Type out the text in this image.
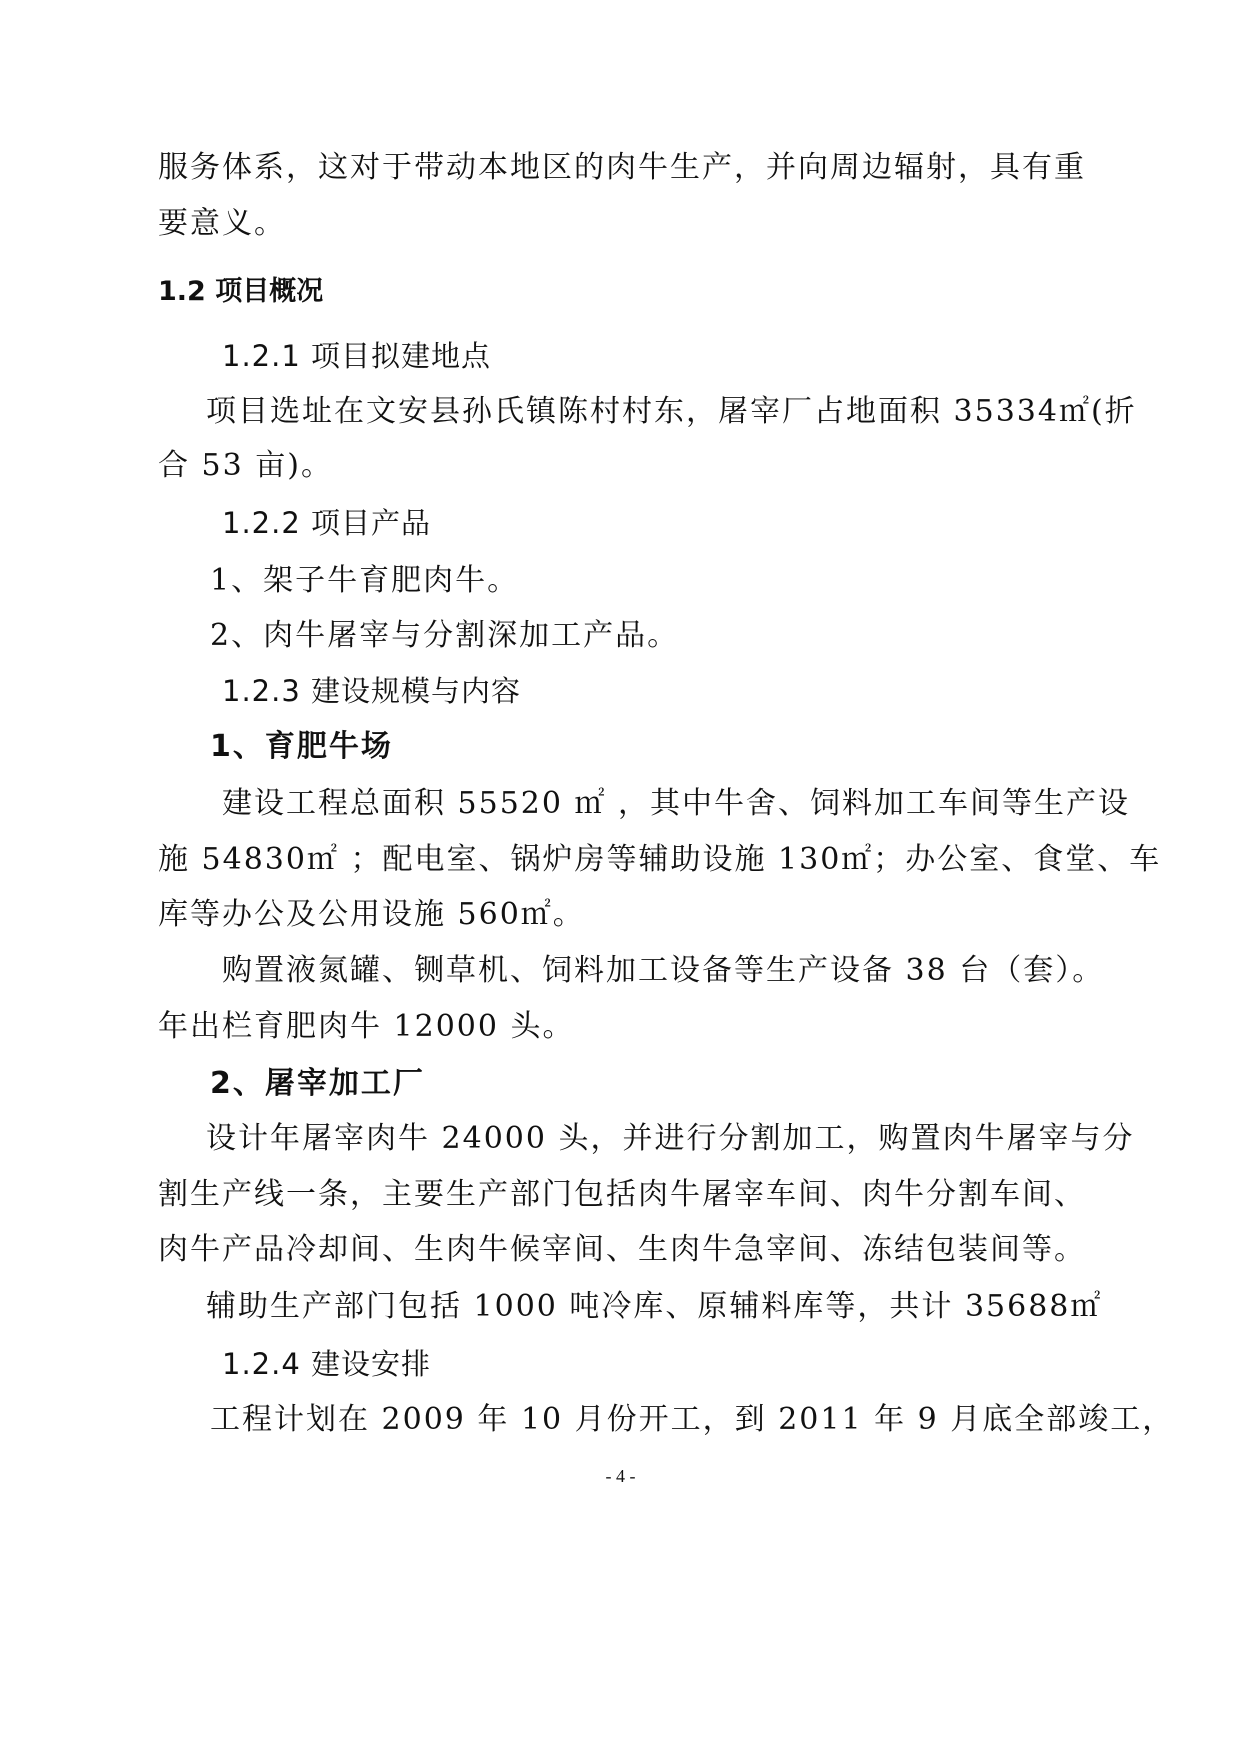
服务体系，这对于带动本地区的肉牛生产，并向周边辐射，具有重
要意义。
1.2 项目概况
1.2.1 项目拟建地点
项目选址在文安县孙氏镇陈村村东，屠宰厂占地面积 35334㎡(折
合 53 亩)。
1.2.2 项目产品
1、架子牛育肥肉牛。
2、肉牛屠宰与分割深加工产品。
1.2.3 建设规模与内容
1、育肥牛场
建设工程总面积 55520 ㎡ ，其中牛舍、饲料加工车间等生产设
施 54830㎡ ；配电室、锅炉房等辅助设施 130㎡；办公室、食堂、车
库等办公及公用设施 560㎡。
购置液氮罐、铡草机、饲料加工设备等生产设备 38 台（套）。
年出栏育肥肉牛 12000 头。
2、屠宰加工厂
设计年屠宰肉牛 24000 头，并进行分割加工，购置肉牛屠宰与分
割生产线一条，主要生产部门包括肉牛屠宰车间、肉牛分割车间、
肉牛产品冷却间、生肉牛候宰间、生肉牛急宰间、冻结包装间等。
辅助生产部门包括 1000 吨冷库、原辅料库等，共计 35688㎡
1.2.4 建设安排
工程计划在 2009 年 10 月份开工，到 2011 年 9 月底全部竣工，
- 4 -
